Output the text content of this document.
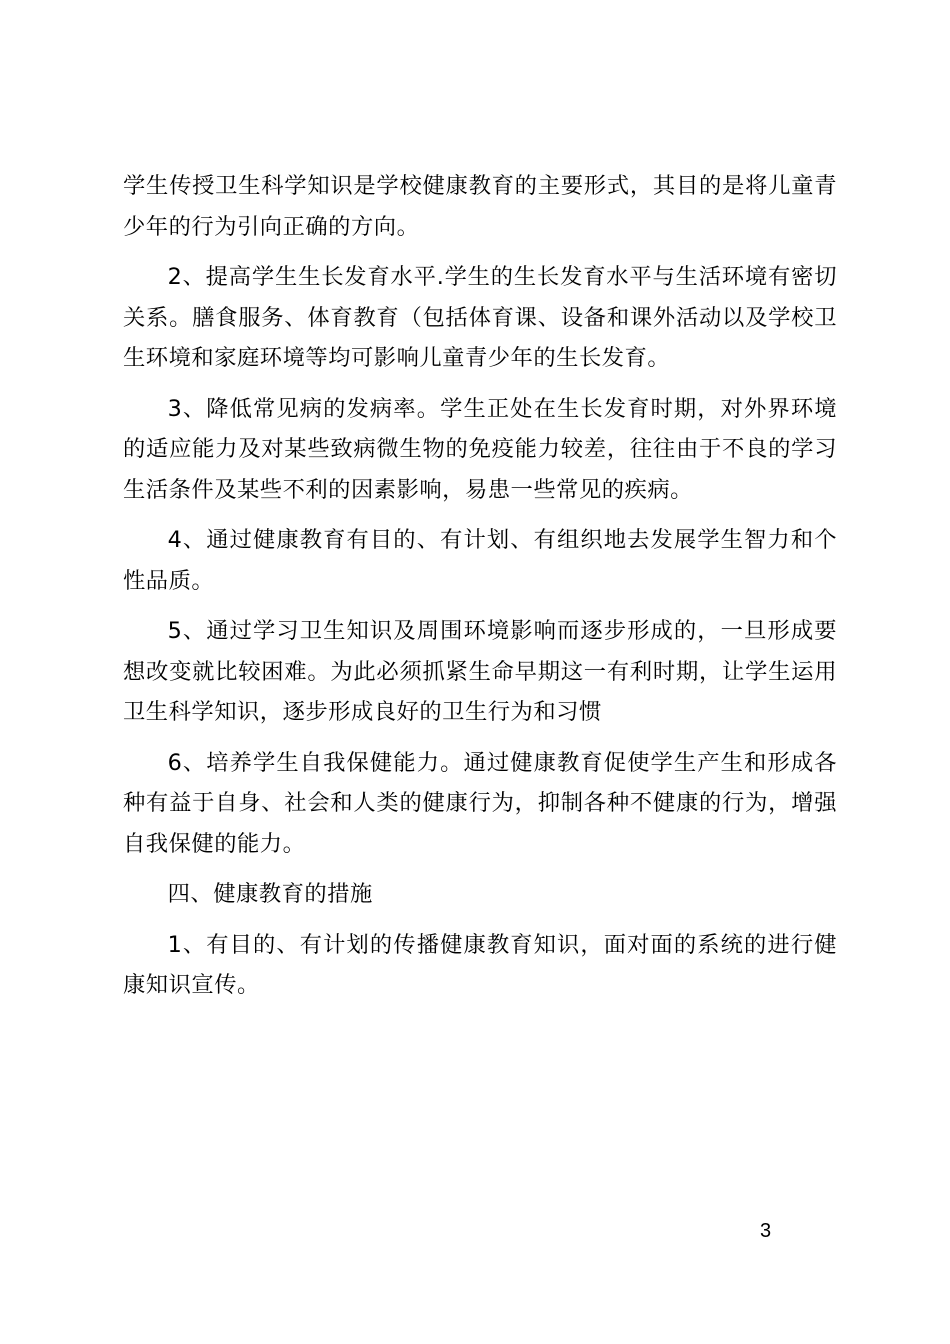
学生传授卫生科学知识是学校健康教育的主要形式，其目的是将儿童青少年的行为引向正确的方向。

2、提高学生生长发育水平.学生的生长发育水平与生活环境有密切关系。膳食服务、体育教育（包括体育课、设备和课外活动以及学校卫生环境和家庭环境等均可影响儿童青少年的生长发育。

3、降低常见病的发病率。学生正处在生长发育时期，对外界环境的适应能力及对某些致病微生物的免疫能力较差，往往由于不良的学习生活条件及某些不利的因素影响，易患一些常见的疾病。

4、通过健康教育有目的、有计划、有组织地去发展学生智力和个性品质。

5、通过学习卫生知识及周围环境影响而逐步形成的，一旦形成要想改变就比较困难。为此必须抓紧生命早期这一有利时期，让学生运用卫生科学知识，逐步形成良好的卫生行为和习惯

6、培养学生自我保健能力。通过健康教育促使学生产生和形成各种有益于自身、社会和人类的健康行为，抑制各种不健康的行为，增强自我保健的能力。

四、健康教育的措施

1、有目的、有计划的传播健康教育知识，面对面的系统的进行健康知识宣传。

3
